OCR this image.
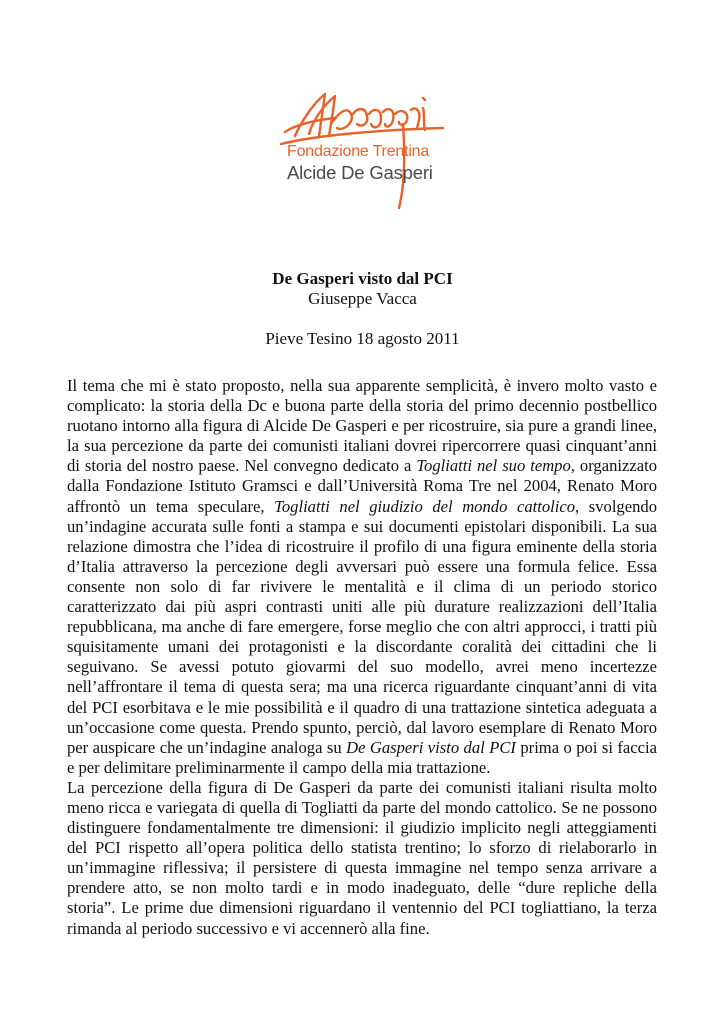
Fondazione Trentina
Alcide De Gasperi
De Gasperi visto dal PCI
Giuseppe Vacca
Pieve Tesino 18 agosto 2011

Il tema che mi è stato proposto, nella sua apparente semplicità, è invero molto vasto e complicato: la storia della Dc e buona parte della storia del primo decennio postbellico ruotano intorno alla figura di Alcide De Gasperi e per ricostruire, sia pure a grandi linee, la sua percezione da parte dei comunisti italiani dovrei ripercorrere quasi cinquant’anni di storia del nostro paese. Nel convegno dedicato a Togliatti nel suo tempo, organizzato dalla Fondazione Istituto Gramsci e dall’Università Roma Tre nel 2004, Renato Moro affrontò un tema speculare, Togliatti nel giudizio del mondo cattolico, svolgendo un’indagine accurata sulle fonti a stampa e sui documenti epistolari disponibili. La sua relazione dimostra che l’idea di ricostruire il profilo di una figura eminente della storia d’Italia attraverso la percezione degli avversari può essere una formula felice. Essa consente non solo di far rivivere le mentalità e il clima di un periodo storico caratterizzato dai più aspri contrasti uniti alle più durature realizzazioni dell’Italia repubblicana, ma anche di fare emergere, forse meglio che con altri approcci, i tratti più squisitamente umani dei protagonisti e la discordante coralità dei cittadini che li seguivano. Se avessi potuto giovarmi del suo modello, avrei meno incertezze nell’affrontare il tema di questa sera; ma una ricerca riguardante cinquant’anni di vita del PCI esorbitava e le mie possibilità e il quadro di una trattazione sintetica adeguata a un’occasione come questa. Prendo spunto, perciò, dal lavoro esemplare di Renato Moro per auspicare che un’indagine analoga su De Gasperi visto dal PCI prima o poi si faccia e per delimitare preliminarmente il campo della mia trattazione.

La percezione della figura di De Gasperi da parte dei comunisti italiani risulta molto meno ricca e variegata di quella di Togliatti da parte del mondo cattolico. Se ne possono distinguere fondamentalmente tre dimensioni: il giudizio implicito negli atteggiamenti del PCI rispetto all’opera politica dello statista trentino; lo sforzo di rielaborarlo in un’immagine riflessiva; il persistere di questa immagine nel tempo senza arrivare a prendere atto, se non molto tardi e in modo inadeguato, delle “dure repliche della storia”. Le prime due dimensioni riguardano il ventennio del PCI togliattiano, la terza rimanda al periodo successivo e vi accennerò alla fine.
